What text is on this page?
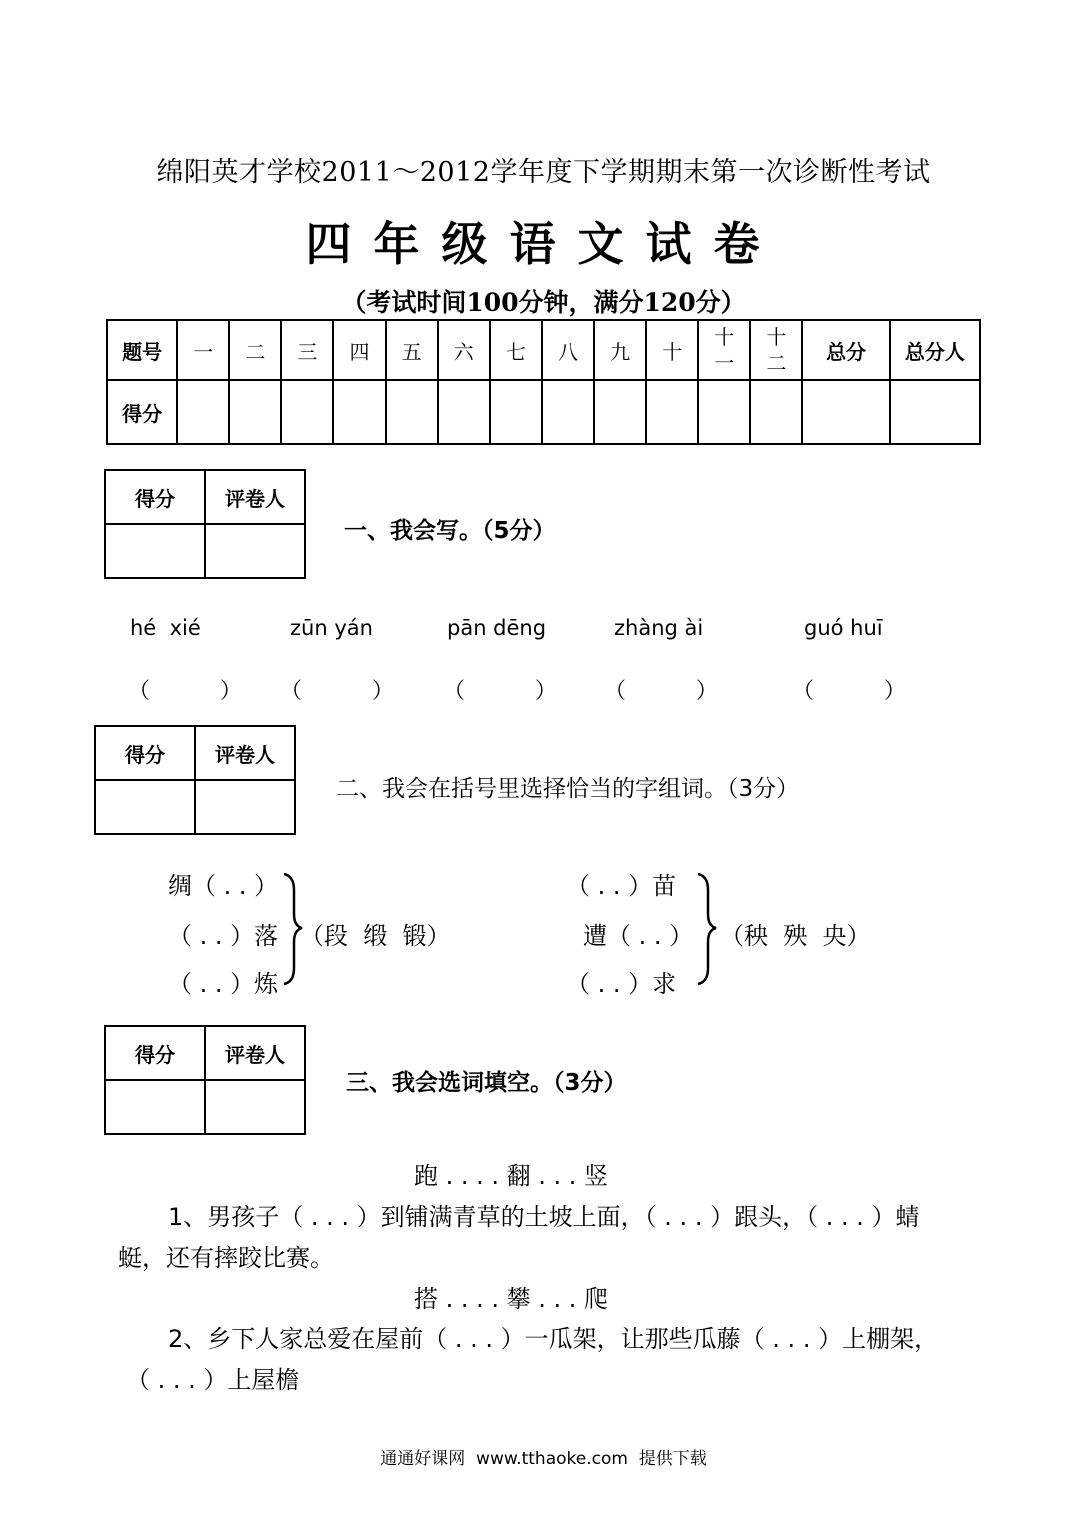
绵阳英才学校2011～2012学年度下学期期末第一次诊断性考试
四年级语文试卷
（考试时间100分钟，满分120分）
题号	一	二	三	四	五	六	七	八	九	十	十一	十二	总分	总分人
得分														
得分	评卷人

一、我会写。（5分）
hé  xié	zūn yán	pān dēng	zhàng ài	guó huī
（          ） （          ） （          ） （          ）	（          ）
得分	评卷人

二、我会在括号里选择恰当的字组词。（3分）
绸（ . . ）
（ . . ）落
（ . . ）炼
（段  缎  锻）
（ . . ）苗
遭（ . . ）
（ . . ）求
（秧  殃  央）
得分	评卷人

三、我会选词填空。（3分）
跑 . . . . 翻 . . . 竖
1、男孩子（ . . . ）到铺满青草的土坡上面，（ . . . ）跟头，（ . . . ）蜻
蜓，还有摔跤比赛。
搭 . . . . 攀 . . . 爬
2、乡下人家总爱在屋前（ . . . ）一瓜架，让那些瓜藤（ . . . ）上棚架，
（ . . . ）上屋檐
通通好课网  www.tthaoke.com  提供下载
